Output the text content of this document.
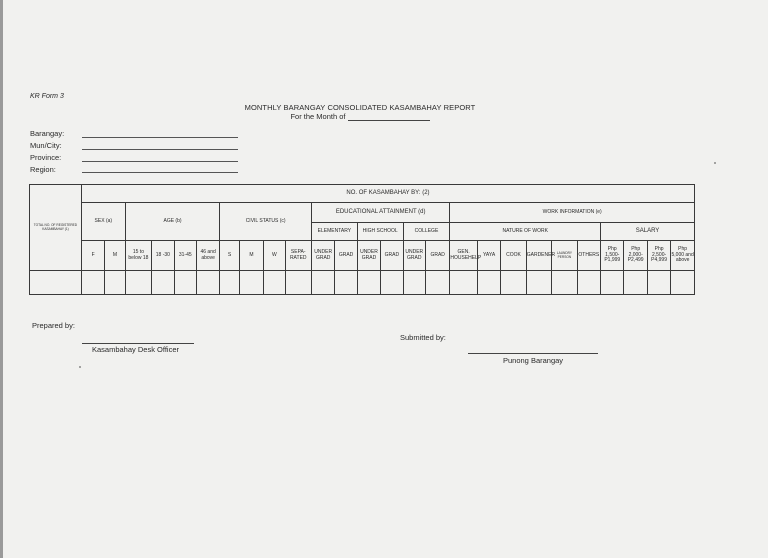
KR Form 3
MONTHLY BARANGAY CONSOLIDATED KASAMBAHAY REPORT
For the Month of
Barangay:
Mun/City:
Province:
Region:
TOTAL NO. OF REGISTERED KASAMBAHAY (1)	NO. OF KASAMBAHAY BY: (2)																									
	SEX (a)		AGE (b)				CIVIL STATUS (c)				EDUCATIONAL ATTAINMENT (d)						WORK INFORMATION (e)									
											ELEMENTARY		HIGH SCHOOL		COLLEGE		NATURE OF WORK						SALARY			
	F	M	15 to below 18	18 -30	31-45	46 and above	S	M	W	SEPA-RATED	UNDER GRAD	GRAD	UNDER GRAD	GRAD	UNDER GRAD	GRAD	GEN. HOUSEHELP	YAYA	COOK	GARDENER	LAUNDRY PERSON	OTHERS	Php 1,500- P1,999	Php 2,000- P2,499	Php 2,500- P4,999	Php 5,000 and above

Prepared by:
Kasambahay Desk Officer
Submitted by:
Punong Barangay
